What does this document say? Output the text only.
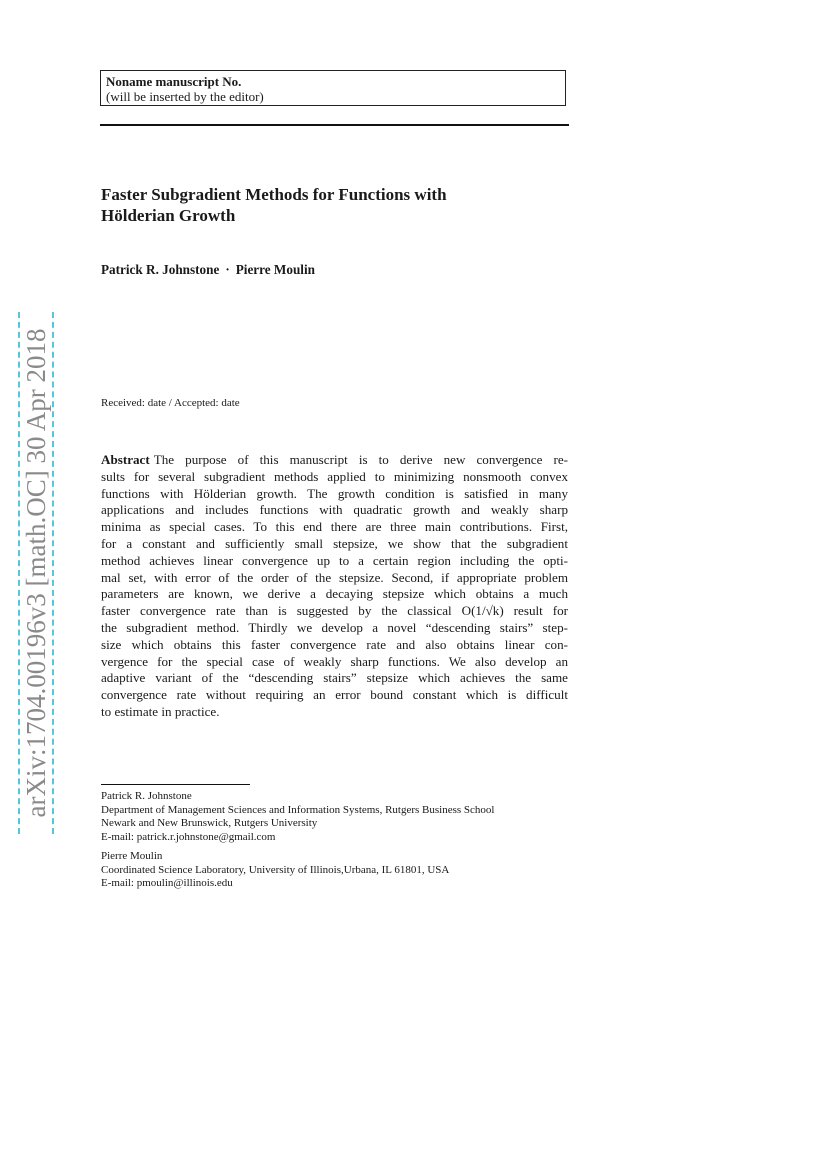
Noname manuscript No.
(will be inserted by the editor)
Faster Subgradient Methods for Functions with
Hölderian Growth
Patrick R. Johnstone · Pierre Moulin
Received: date / Accepted: date
Abstract The purpose of this manuscript is to derive new convergence re-
sults for several subgradient methods applied to minimizing nonsmooth convex
functions with Hölderian growth. The growth condition is satisfied in many
applications and includes functions with quadratic growth and weakly sharp
minima as special cases. To this end there are three main contributions. First,
for a constant and sufficiently small stepsize, we show that the subgradient
method achieves linear convergence up to a certain region including the opti-
mal set, with error of the order of the stepsize. Second, if appropriate problem
parameters are known, we derive a decaying stepsize which obtains a much
faster convergence rate than is suggested by the classical O(1/√k) result for
the subgradient method. Thirdly we develop a novel “descending stairs” step-
size which obtains this faster convergence rate and also obtains linear con-
vergence for the special case of weakly sharp functions. We also develop an
adaptive variant of the “descending stairs” stepsize which achieves the same
convergence rate without requiring an error bound constant which is difficult
to estimate in practice.
Patrick R. Johnstone
Department of Management Sciences and Information Systems, Rutgers Business School
Newark and New Brunswick, Rutgers University
E-mail: patrick.r.johnstone@gmail.com
Pierre Moulin
Coordinated Science Laboratory, University of Illinois,Urbana, IL 61801, USA
E-mail: pmoulin@illinois.edu
arXiv:1704.00196v3 [math.OC] 30 Apr 2018
